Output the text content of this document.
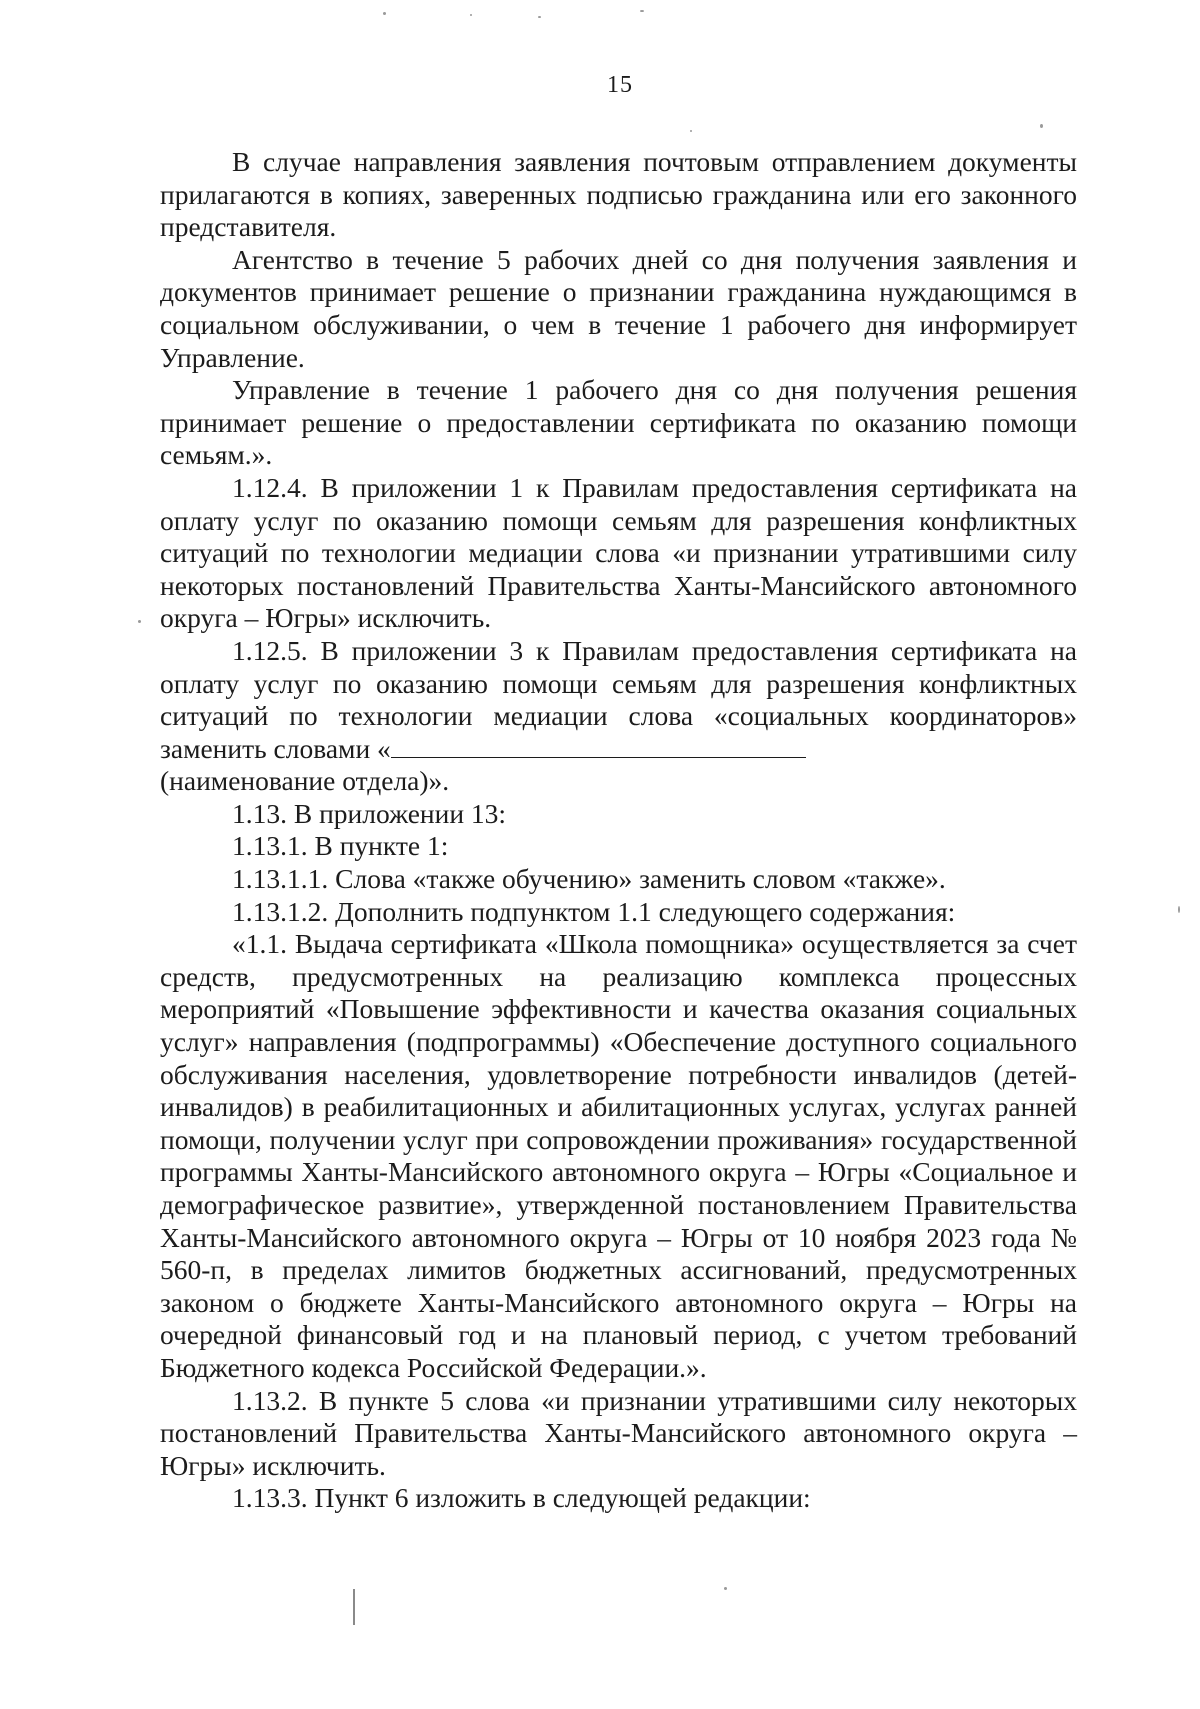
15

В случае направления заявления почтовым отправлением документы прилагаются в копиях, заверенных подписью гражданина или его законного представителя.

Агентство в течение 5 рабочих дней со дня получения заявления и документов принимает решение о признании гражданина нуждающимся в социальном обслуживании, о чем в течение 1 рабочего дня информирует Управление.

Управление в течение 1 рабочего дня со дня получения решения принимает решение о предоставлении сертификата по оказанию помощи семьям.».

1.12.4. В приложении 1 к Правилам предоставления сертификата на оплату услуг по оказанию помощи семьям для разрешения конфликтных ситуаций по технологии медиации слова «и признании утратившими силу некоторых постановлений Правительства Ханты-Мансийского автономного округа – Югры» исключить.

1.12.5. В приложении 3 к Правилам предоставления сертификата на оплату услуг по оказанию помощи семьям для разрешения конфликтных ситуаций по технологии медиации слова «социальных координаторов» заменить словами «

(наименование отдела)».

1.13. В приложении 13:

1.13.1. В пункте 1:

1.13.1.1. Слова «также обучению» заменить словом «также».

1.13.1.2. Дополнить подпунктом 1.1 следующего содержания:

«1.1. Выдача сертификата «Школа помощника» осуществляется за счет средств, предусмотренных на реализацию комплекса процессных мероприятий «Повышение эффективности и качества оказания социальных услуг» направления (подпрограммы) «Обеспечение доступного социального обслуживания населения, удовлетворение потребности инвалидов (детей-инвалидов) в реабилитационных и абилитационных услугах, услугах ранней помощи, получении услуг при сопровождении проживания» государственной программы Ханты-Мансийского автономного округа – Югры «Социальное и демографическое развитие», утвержденной постановлением Правительства Ханты-Мансийского автономного округа – Югры от 10 ноября 2023 года № 560-п, в пределах лимитов бюджетных ассигнований, предусмотренных законом о бюджете Ханты-Мансийского автономного округа – Югры на очередной финансовый год и на плановый период, с учетом требований Бюджетного кодекса Российской Федерации.».

1.13.2. В пункте 5 слова «и признании утратившими силу некоторых постановлений Правительства Ханты-Мансийского автономного округа – Югры» исключить.

1.13.3. Пункт 6 изложить в следующей редакции:
